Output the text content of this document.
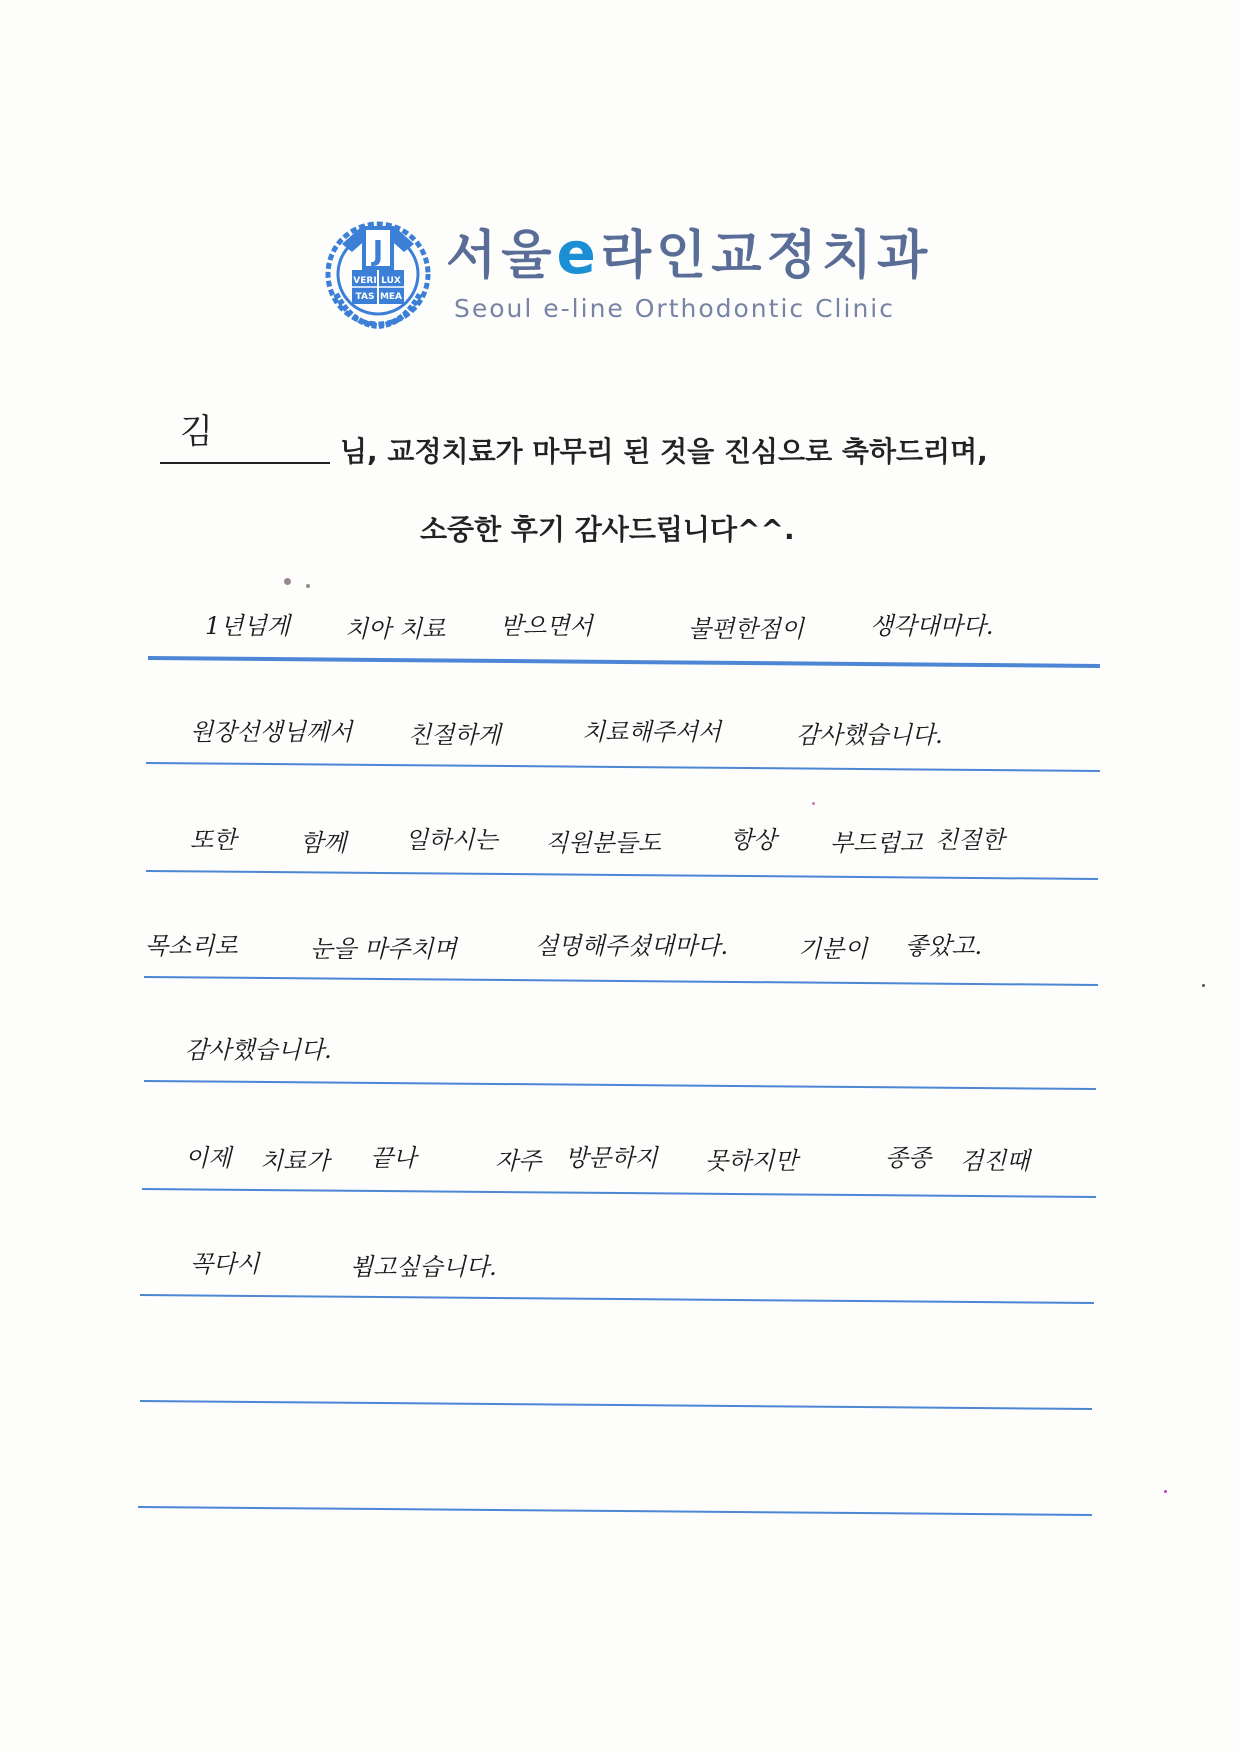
J
VERI LUX
TAS MEA
서울e라인교정치과
Seoul e-line Orthodontic Clinic
김	님, 교정치료가 마무리 된 것을 진심으로 축하드리며,
소중한 후기 감사드립니다^^.
1년넘게 치아 치료 받으면서	불편한점이	생각대마다.
원장선생님께서 친절하게	치료해주셔서	감사했습니다.
또한	함께 일하시는 직원분들도	항상 부드럽고 친절한
목소리로	눈을 마주치며	설명해주셨대마다.	기분이 좋았고.
감사했습니다.
이제 치료가 끝나	자주 방문하지 못하지만	종종 검진때
꼭다시	뵙고싶습니다.
